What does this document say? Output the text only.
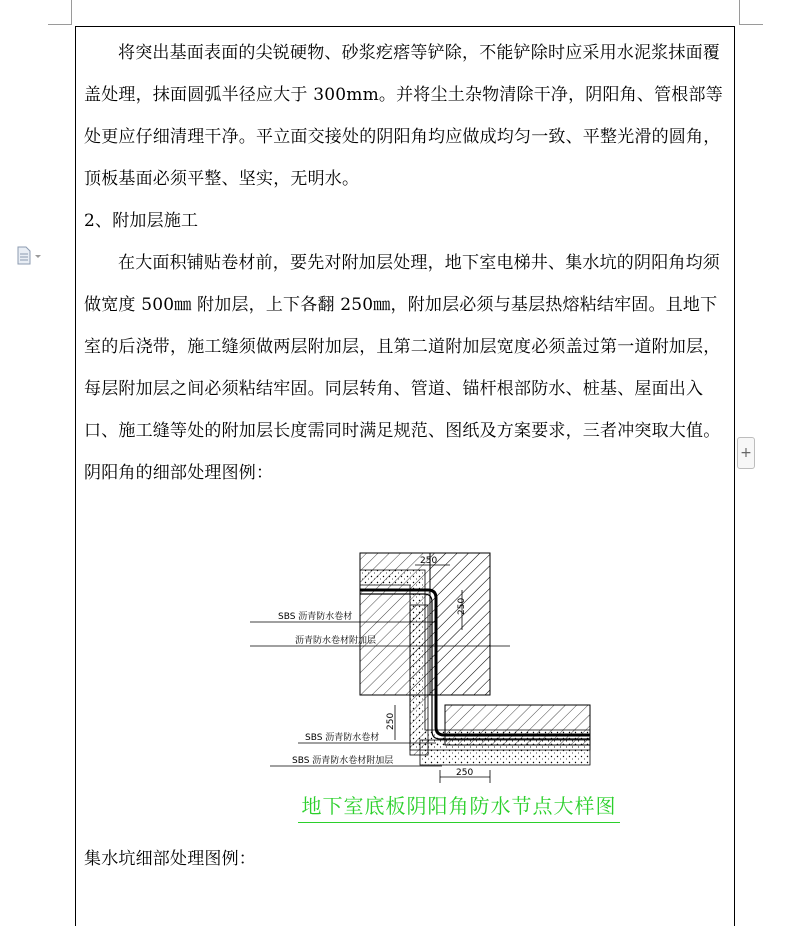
+

将突出基面表面的尖锐硬物、砂浆疙瘩等铲除，不能铲除时应采用水泥浆抹面覆盖处理，抹面圆弧半径应大于 300mm。并将尘土杂物清除干净，阴阳角、管根部等处更应仔细清理干净。平立面交接处的阴阳角均应做成均匀一致、平整光滑的圆角，顶板基面必须平整、坚实，无明水。

2、附加层施工

在大面积铺贴卷材前，要先对附加层处理，地下室电梯井、集水坑的阴阳角均须做宽度 500㎜ 附加层，上下各翻 250㎜，附加层必须与基层热熔粘结牢固。且地下室的后浇带，施工缝须做两层附加层，且第二道附加层宽度必须盖过第一道附加层，每层附加层之间必须粘结牢固。同层转角、管道、锚杆根部防水、桩基、屋面出入口、施工缝等处的附加层长度需同时满足规范、图纸及方案要求，三者冲突取大值。

阴阳角的细部处理图例：

250
250
250
250
SBS 沥青防水卷材
沥青防水卷材附加层
SBS 沥青防水卷材
SBS 沥青防水卷材附加层
地下室底板阴阳角防水节点大样图

集水坑细部处理图例：
